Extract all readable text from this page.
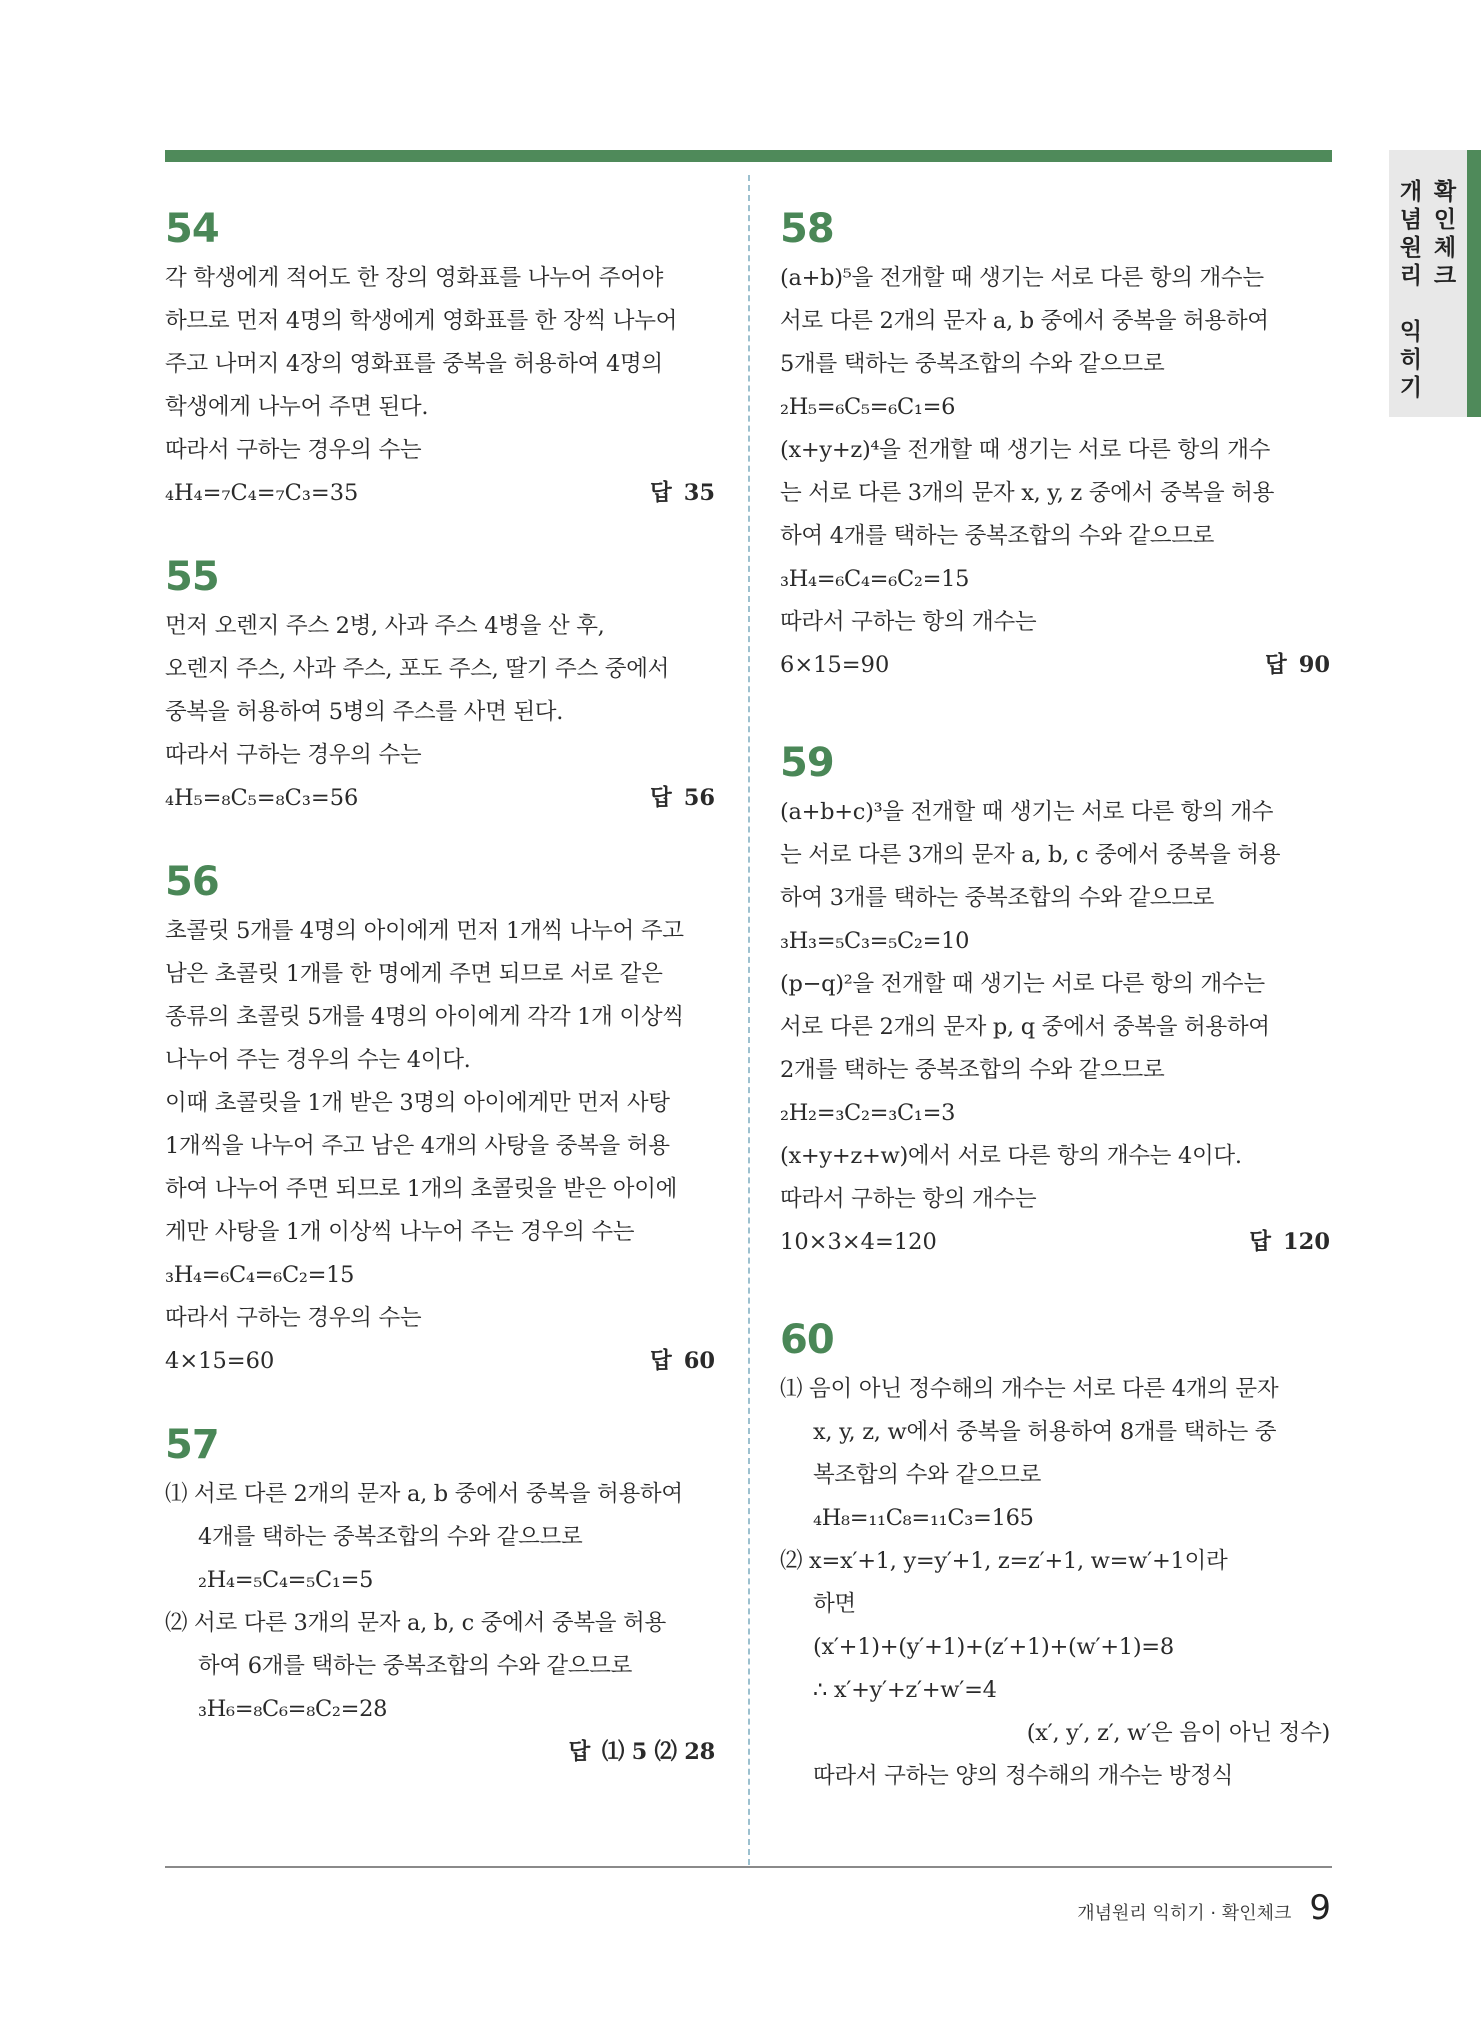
확
인
체
크
개
념
원
리

익
히
기
54
각 학생에게 적어도 한 장의 영화표를 나누어 주어야
하므로 먼저 4명의 학생에게 영화표를 한 장씩 나누어
주고 나머지 4장의 영화표를 중복을 허용하여 4명의
학생에게 나누어 주면 된다.
따라서 구하는 경우의 수는
₄H₄=₇C₄=₇C₃=35	답 35
55
먼저 오렌지 주스 2병, 사과 주스 4병을 산 후,
오렌지 주스, 사과 주스, 포도 주스, 딸기 주스 중에서
중복을 허용하여 5병의 주스를 사면 된다.
따라서 구하는 경우의 수는
₄H₅=₈C₅=₈C₃=56	답 56
56
초콜릿 5개를 4명의 아이에게 먼저 1개씩 나누어 주고
남은 초콜릿 1개를 한 명에게 주면 되므로 서로 같은
종류의 초콜릿 5개를 4명의 아이에게 각각 1개 이상씩
나누어 주는 경우의 수는 4이다.
이때 초콜릿을 1개 받은 3명의 아이에게만 먼저 사탕
1개씩을 나누어 주고 남은 4개의 사탕을 중복을 허용
하여 나누어 주면 되므로 1개의 초콜릿을 받은 아이에
게만 사탕을 1개 이상씩 나누어 주는 경우의 수는
₃H₄=₆C₄=₆C₂=15
따라서 구하는 경우의 수는
4×15=60	답 60
57
⑴ 서로 다른 2개의 문자 a, b 중에서 중복을 허용하여
4개를 택하는 중복조합의 수와 같으므로
₂H₄=₅C₄=₅C₁=5
⑵ 서로 다른 3개의 문자 a, b, c 중에서 중복을 허용
하여 6개를 택하는 중복조합의 수와 같으므로
₃H₆=₈C₆=₈C₂=28
답 ⑴ 5 ⑵ 28
58
(a+b)⁵을 전개할 때 생기는 서로 다른 항의 개수는
서로 다른 2개의 문자 a, b 중에서 중복을 허용하여
5개를 택하는 중복조합의 수와 같으므로
₂H₅=₆C₅=₆C₁=6
(x+y+z)⁴을 전개할 때 생기는 서로 다른 항의 개수
는 서로 다른 3개의 문자 x, y, z 중에서 중복을 허용
하여 4개를 택하는 중복조합의 수와 같으므로
₃H₄=₆C₄=₆C₂=15
따라서 구하는 항의 개수는
6×15=90	답 90
59
(a+b+c)³을 전개할 때 생기는 서로 다른 항의 개수
는 서로 다른 3개의 문자 a, b, c 중에서 중복을 허용
하여 3개를 택하는 중복조합의 수와 같으므로
₃H₃=₅C₃=₅C₂=10
(p−q)²을 전개할 때 생기는 서로 다른 항의 개수는
서로 다른 2개의 문자 p, q 중에서 중복을 허용하여
2개를 택하는 중복조합의 수와 같으므로
₂H₂=₃C₂=₃C₁=3
(x+y+z+w)에서 서로 다른 항의 개수는 4이다.
따라서 구하는 항의 개수는
10×3×4=120	답 120
60
⑴ 음이 아닌 정수해의 개수는 서로 다른 4개의 문자
x, y, z, w에서 중복을 허용하여 8개를 택하는 중
복조합의 수와 같으므로
₄H₈=₁₁C₈=₁₁C₃=165
⑵ x=x′+1, y=y′+1, z=z′+1, w=w′+1이라
하면
(x′+1)+(y′+1)+(z′+1)+(w′+1)=8
∴ x′+y′+z′+w′=4
(x′, y′, z′, w′은 음이 아닌 정수)
따라서 구하는 양의 정수해의 개수는 방정식
개념원리 익히기 · 확인체크 9
